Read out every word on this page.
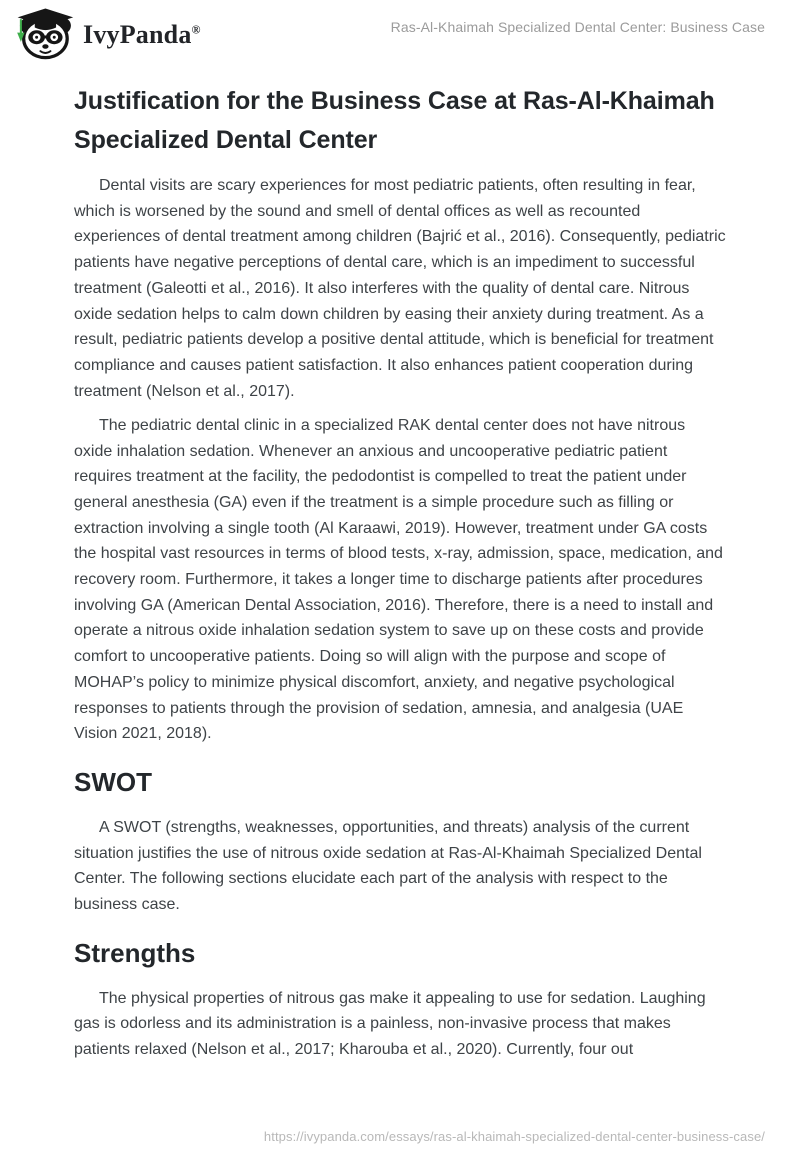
IvyPanda®	Ras-Al-Khaimah Specialized Dental Center: Business Case
Justification for the Business Case at Ras-Al-Khaimah Specialized Dental Center

Dental visits are scary experiences for most pediatric patients, often resulting in fear, which is worsened by the sound and smell of dental offices as well as recounted experiences of dental treatment among children (Bajrić et al., 2016). Consequently, pediatric patients have negative perceptions of dental care, which is an impediment to successful treatment (Galeotti et al., 2016). It also interferes with the quality of dental care. Nitrous oxide sedation helps to calm down children by easing their anxiety during treatment. As a result, pediatric patients develop a positive dental attitude, which is beneficial for treatment compliance and causes patient satisfaction. It also enhances patient cooperation during treatment (Nelson et al., 2017).

The pediatric dental clinic in a specialized RAK dental center does not have nitrous oxide inhalation sedation. Whenever an anxious and uncooperative pediatric patient requires treatment at the facility, the pedodontist is compelled to treat the patient under general anesthesia (GA) even if the treatment is a simple procedure such as filling or extraction involving a single tooth (Al Karaawi, 2019). However, treatment under GA costs the hospital vast resources in terms of blood tests, x-ray, admission, space, medication, and recovery room. Furthermore, it takes a longer time to discharge patients after procedures involving GA (American Dental Association, 2016). Therefore, there is a need to install and operate a nitrous oxide inhalation sedation system to save up on these costs and provide comfort to uncooperative patients. Doing so will align with the purpose and scope of MOHAP’s policy to minimize physical discomfort, anxiety, and negative psychological responses to patients through the provision of sedation, amnesia, and analgesia (UAE Vision 2021, 2018).

SWOT

A SWOT (strengths, weaknesses, opportunities, and threats) analysis of the current situation justifies the use of nitrous oxide sedation at Ras-Al-Khaimah Specialized Dental Center. The following sections elucidate each part of the analysis with respect to the business case.

Strengths

The physical properties of nitrous gas make it appealing to use for sedation. Laughing gas is odorless and its administration is a painless, non-invasive process that makes patients relaxed (Nelson et al., 2017; Kharouba et al., 2020). Currently, four out

https://ivypanda.com/essays/ras-al-khaimah-specialized-dental-center-business-case/
